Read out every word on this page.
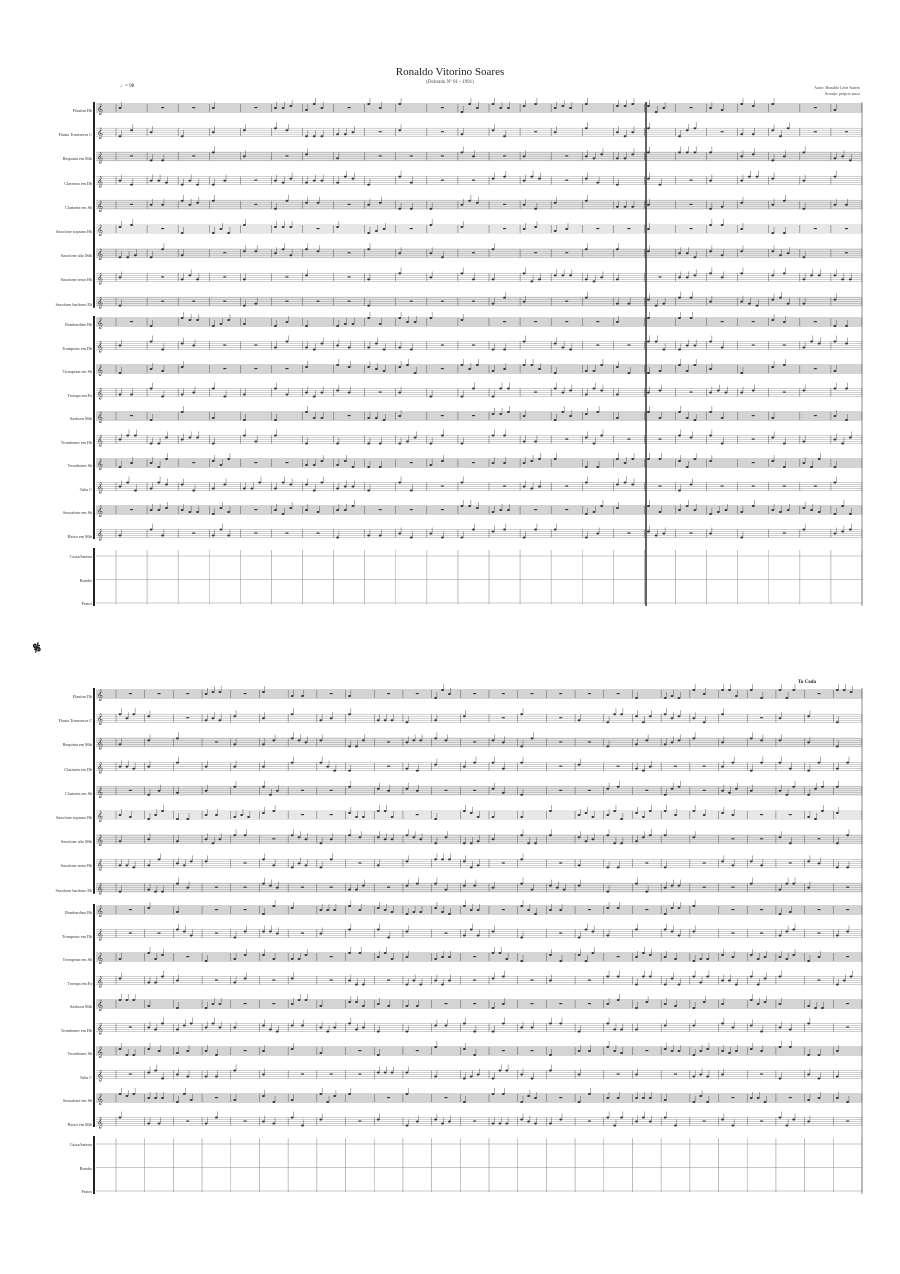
Ronaldo Vitorino Soares
(Dobrado Nº 01 - 1991)
Autor: Ronaldo Leite Soares
Arranjo: próprio autor
♩= 98
𝄋
To Coda
𝄞
𝄞
𝄞
𝄞
𝄞
𝄞
𝄞
𝄞
𝄞
𝄞
𝄞
𝄞
𝄞
𝄞
𝄞
𝄞
𝄞
𝄞
𝄞
𝄞
𝄞
𝄞
𝄞
𝄞
𝄞
𝄞
𝄞
𝄞
𝄞
𝄞
𝄞
𝄞
𝄞
𝄞
𝄞
𝄞
𝄞
𝄞
Flautim Db
Flauta Transversa C
Requinta em Mib
Clarineta em Db
Clarineta em Sb
Saxofone soprano Bb
Saxofone alto Mib
Saxofone tenor Bb
Saxofone barítono Eb
Bombardino Bb
Trompetas em Db
Trompetas em Sb
Trompa em Fa
Saxhorn Mib
Trombones em Db
Trombones Sb
Tuba C
Sousafone em Sb
Baixo em Mib
Caixa/bateria
Bumbo
Pratos
Flautim Db
Flauta Transversa C
Requinta em Mib
Clarineta em Db
Clarineta em Sb
Saxofone soprano Bb
Saxofone alto Mib
Saxofone tenor Bb
Saxofone barítono Eb
Bombardino Bb
Trompetas em Db
Trompetas em Sb
Trompa em Fa
Saxhorn Mib
Trombones em Db
Trombones Sb
Tuba C
Sousafone em Sb
Baixo em Mib
Caixa/bateria
Bumbo
Pratos
